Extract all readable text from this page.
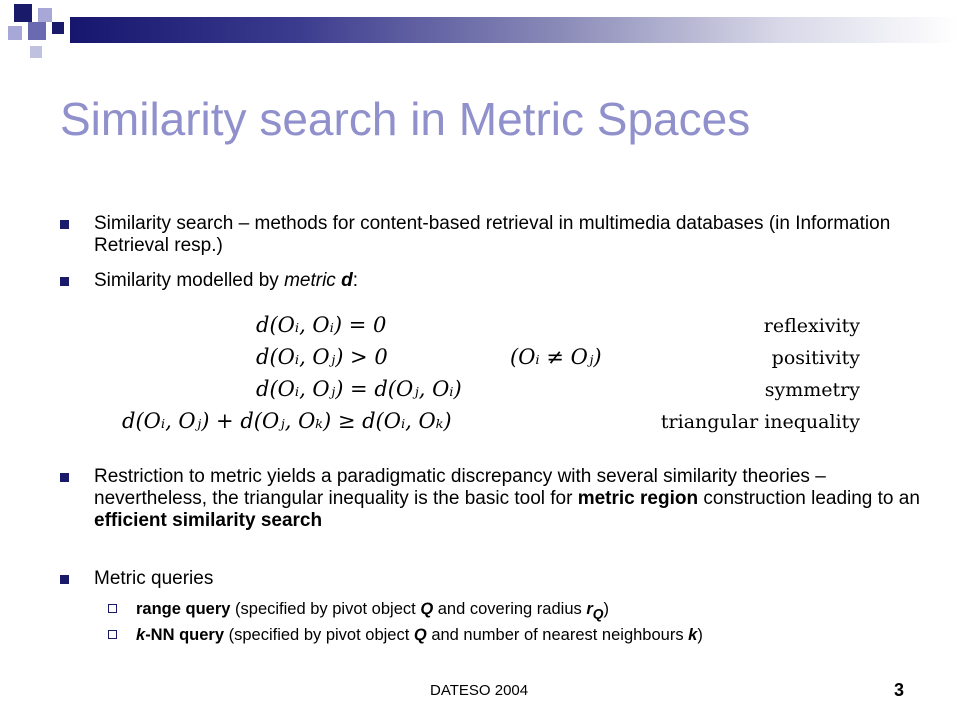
Similarity search in Metric Spaces
Similarity search – methods for content-based retrieval in multimedia databases (in Information Retrieval resp.)
Similarity modelled by metric d:
d(Oᵢ, Oᵢ) = 0
d(Oᵢ, Oⱼ) > 0	(Oᵢ ≠ Oⱼ)
d(Oᵢ, Oⱼ) = d(Oⱼ, Oᵢ)
d(Oᵢ, Oⱼ) + d(Oⱼ, Oₖ) ≥ d(Oᵢ, Oₖ)
reflexivity
positivity
symmetry
triangular inequality
Restriction to metric yields a paradigmatic discrepancy with several similarity theories – nevertheless, the triangular inequality is the basic tool for metric region construction leading to an efficient similarity search
Metric queries
range query (specified by pivot object Q and covering radius $r_Q$)
k-NN query (specified by pivot object Q and number of nearest neighbours k)
DATESO 2004	3
